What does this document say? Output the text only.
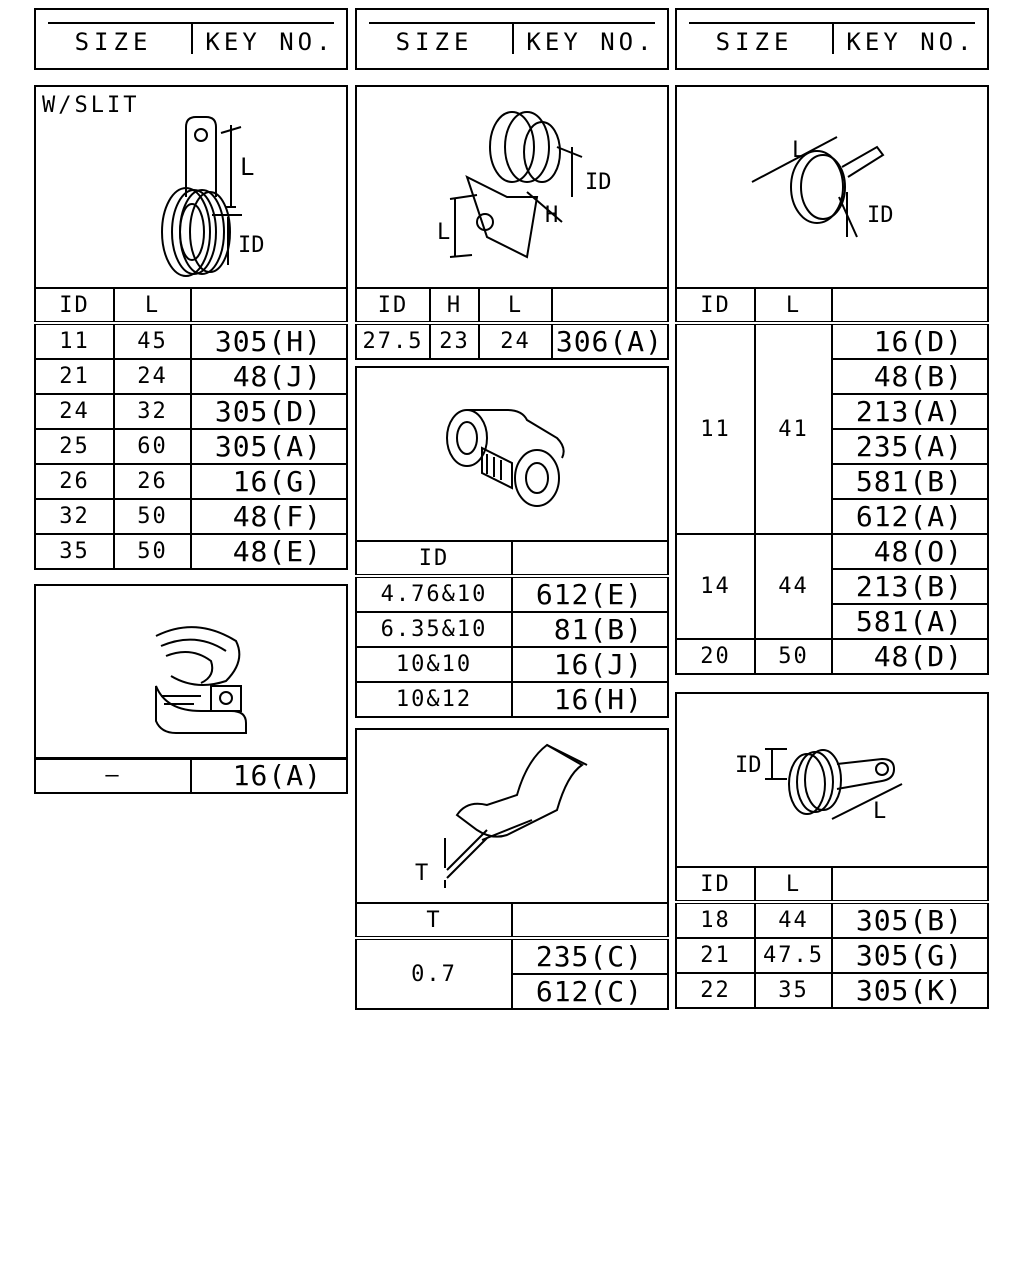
SIZE	KEY NO.	SIZE	KEY NO.	SIZE	KEY NO.
W/SLIT
L
ID
ID	L	
11	45	305(H)
21	24	48(J)
24	32	305(D)
25	60	305(A)
26	26	16(G)
32	50	48(F)
35	50	48(E)
—	16(A)
ID
H
L
ID	H	L	
27.5	23	24	306(A)
ID	
4.76&10	612(E)
6.35&10	81(B)
10&10	16(J)
10&12	16(H)
T
T	
0.7	235(C)
	612(C)
L
ID
ID	L	
11	41	16(D)
		48(B)
		213(A)
		235(A)
		581(B)
		612(A)
14	44	48(O)
		213(B)
		581(A)
20	50	48(D)
ID
L
ID	L	
18	44	305(B)
21	47.5	305(G)
22	35	305(K)
